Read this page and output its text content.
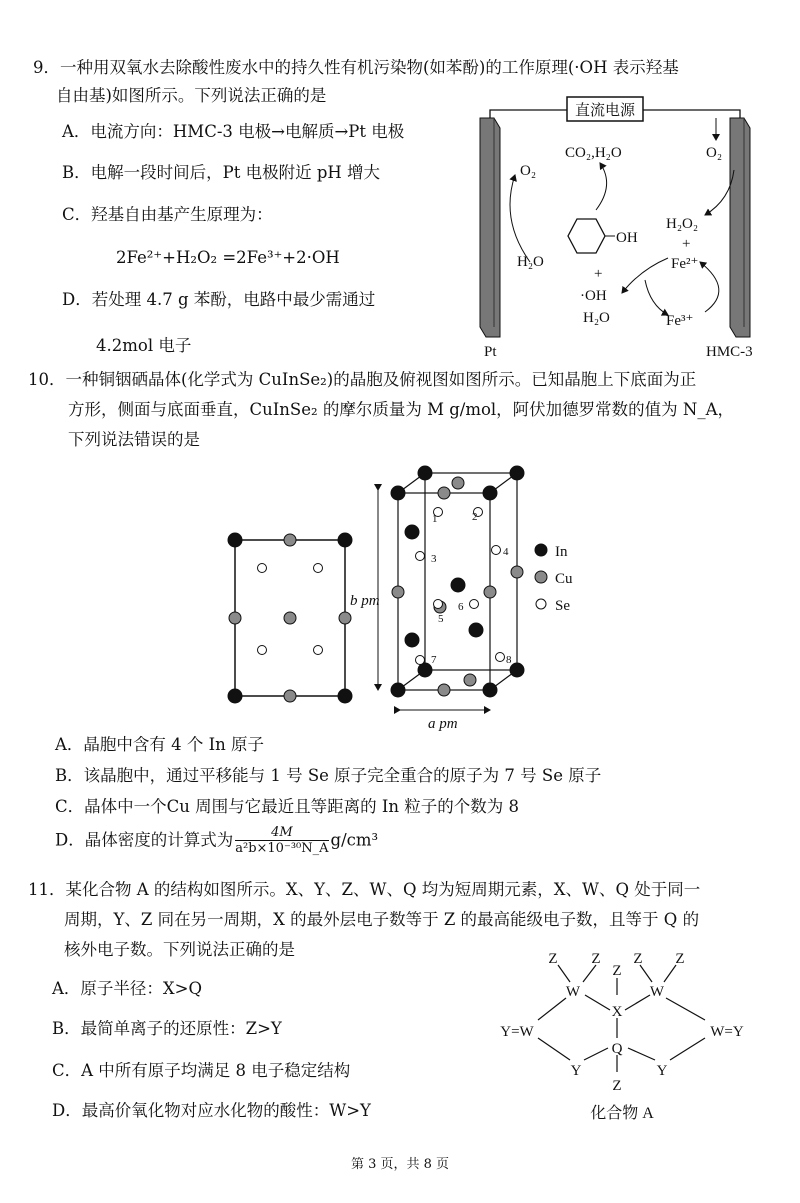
9．一种用双氧水去除酸性废水中的持久性有机污染物(如苯酚)的工作原理(·OH 表示羟基
自由基)如图所示。下列说法正确的是
A．电流方向：HMC-3 电极→电解质→Pt 电极
B．电解一段时间后，Pt 电极附近 pH 增大
C．羟基自由基产生原理为：
2Fe²⁺+H₂O₂ =2Fe³⁺+2·OH
D．若处理 4.7 g 苯酚，电路中最少需通过
4.2mol 电子
直流电源
Pt	HMC-3
O₂
H₂O
CO₂,H₂O
OH
+
·OH
H₂O
O₂
H₂O₂
+
Fe²⁺
Fe³⁺
10．一种铜铟硒晶体(化学式为 CuInSe₂)的晶胞及俯视图如图所示。已知晶胞上下底面为正
方形，侧面与底面垂直，CuInSe₂ 的摩尔质量为 M g/mol，阿伏加德罗常数的值为 N_A，
下列说法错误的是
b pm
a pm
In
Cu
Se
1	2
3
4
5
6
7	8
A．晶胞中含有 4 个 In 原子
B．该晶胞中，通过平移能与 1 号 Se 原子完全重合的原子为 7 号 Se 原子
C．晶体中一个Cu 周围与它最近且等距离的 In 粒子的个数为 8
D．晶体密度的计算式为 $\frac{4M}{\text{a²b×10⁻³⁰N\_A}} g/cm^3$
11．某化合物 A 的结构如图所示。X、Y、Z、W、Q 均为短周期元素，X、W、Q 处于同一
周期，Y、Z 同在另一周期，X 的最外层电子数等于 Z 的最高能级电子数，且等于 Q 的
核外电子数。下列说法正确的是
A．原子半径：X>Q
B．最简单离子的还原性：Z>Y
C．A 中所有原子均满足 8 电子稳定结构
D．最高价氧化物对应水化物的酸性：W>Y
Z Z
Z
Z Z
W	W
X
Y=W	W=Y
Q
Y	Y
Z
化合物 A
第 3 页，共 8 页
